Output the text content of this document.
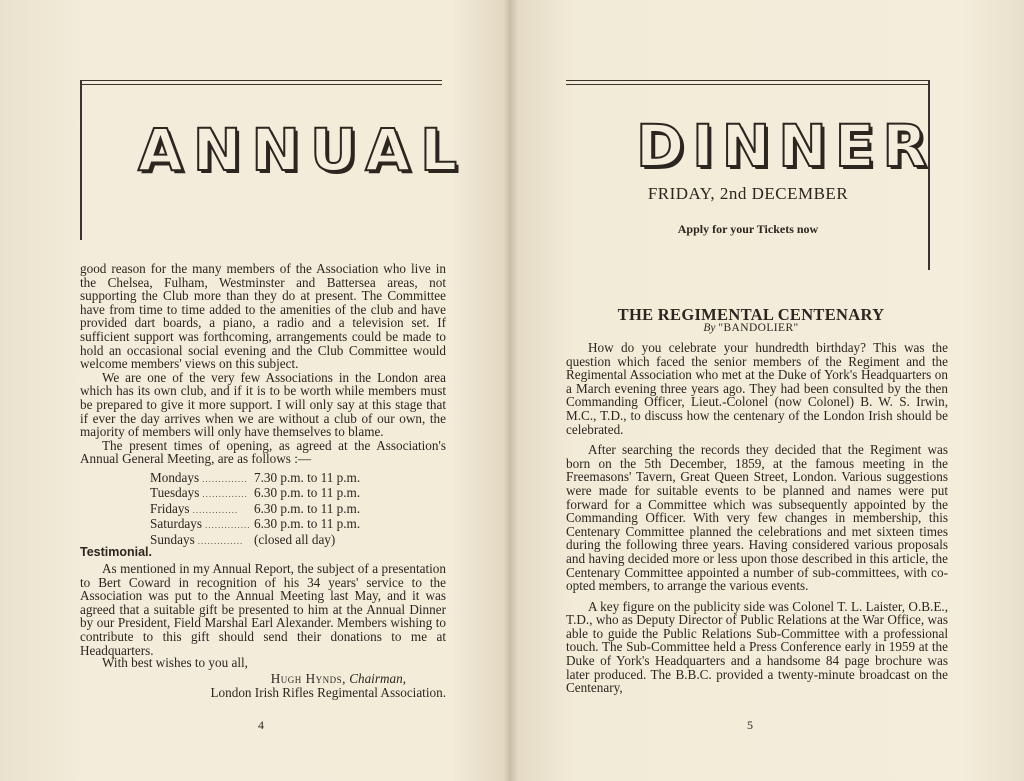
ANNUAL

good reason for the many members of the Association who live in the Chelsea, Fulham, Westminster and Battersea areas, not supporting the Club more than they do at present. The Committee have from time to time added to the amenities of the club and have provided dart boards, a piano, a radio and a television set. If sufficient support was forthcoming, arrangements could be made to hold an occasional social evening and the Club Committee would welcome members' views on this subject.

We are one of the very few Associations in the London area which has its own club, and if it is to be worth while members must be prepared to give it more support. I will only say at this stage that if ever the day arrives when we are without a club of our own, the majority of members will only have themselves to blame.

The present times of opening, as agreed at the Association's Annual General Meeting, are as follows :—

Mondays .............. 7.30 p.m. to 11 p.m.
Tuesdays .............. 6.30 p.m. to 11 p.m.
Fridays ..............	6.30 p.m. to 11 p.m.
Saturdays .............. 6.30 p.m. to 11 p.m.
Sundays .............. (closed all day)
Testimonial.

As mentioned in my Annual Report, the subject of a presentation to Bert Coward in recognition of his 34 years' service to the Association was put to the Annual Meeting last May, and it was agreed that a suitable gift be presented to him at the Annual Dinner by our President, Field Marshal Earl Alexander. Members wishing to contribute to this gift should send their donations to me at Headquarters.

With best wishes to you all,
Hugh Hynds, Chairman,
London Irish Rifles Regimental Association.
4
DINNER
FRIDAY, 2nd DECEMBER
Apply for your Tickets now
THE REGIMENTAL CENTENARY
By "BANDOLIER"

How do you celebrate your hundredth birthday? This was the question which faced the senior members of the Regiment and the Regimental Association who met at the Duke of York's Headquarters on a March evening three years ago. They had been consulted by the then Commanding Officer, Lieut.-Colonel (now Colonel) B. W. S. Irwin, M.C., T.D., to discuss how the centenary of the London Irish should be celebrated.

After searching the records they decided that the Regiment was born on the 5th December, 1859, at the famous meeting in the Freemasons' Tavern, Great Queen Street, London. Various suggestions were made for suitable events to be planned and names were put forward for a Committee which was subsequently appointed by the Commanding Officer. With very few changes in membership, this Centenary Committee planned the celebrations and met sixteen times during the following three years. Having considered various proposals and having decided more or less upon those described in this article, the Centenary Committee appointed a number of sub-committees, with co-opted members, to arrange the various events.

A key figure on the publicity side was Colonel T. L. Laister, O.B.E., T.D., who as Deputy Director of Public Relations at the War Office, was able to guide the Public Relations Sub-Committee with a professional touch. The Sub-Committee held a Press Conference early in 1959 at the Duke of York's Headquarters and a handsome 84 page brochure was later produced. The B.B.C. provided a twenty-minute broadcast on the Centenary,

5
